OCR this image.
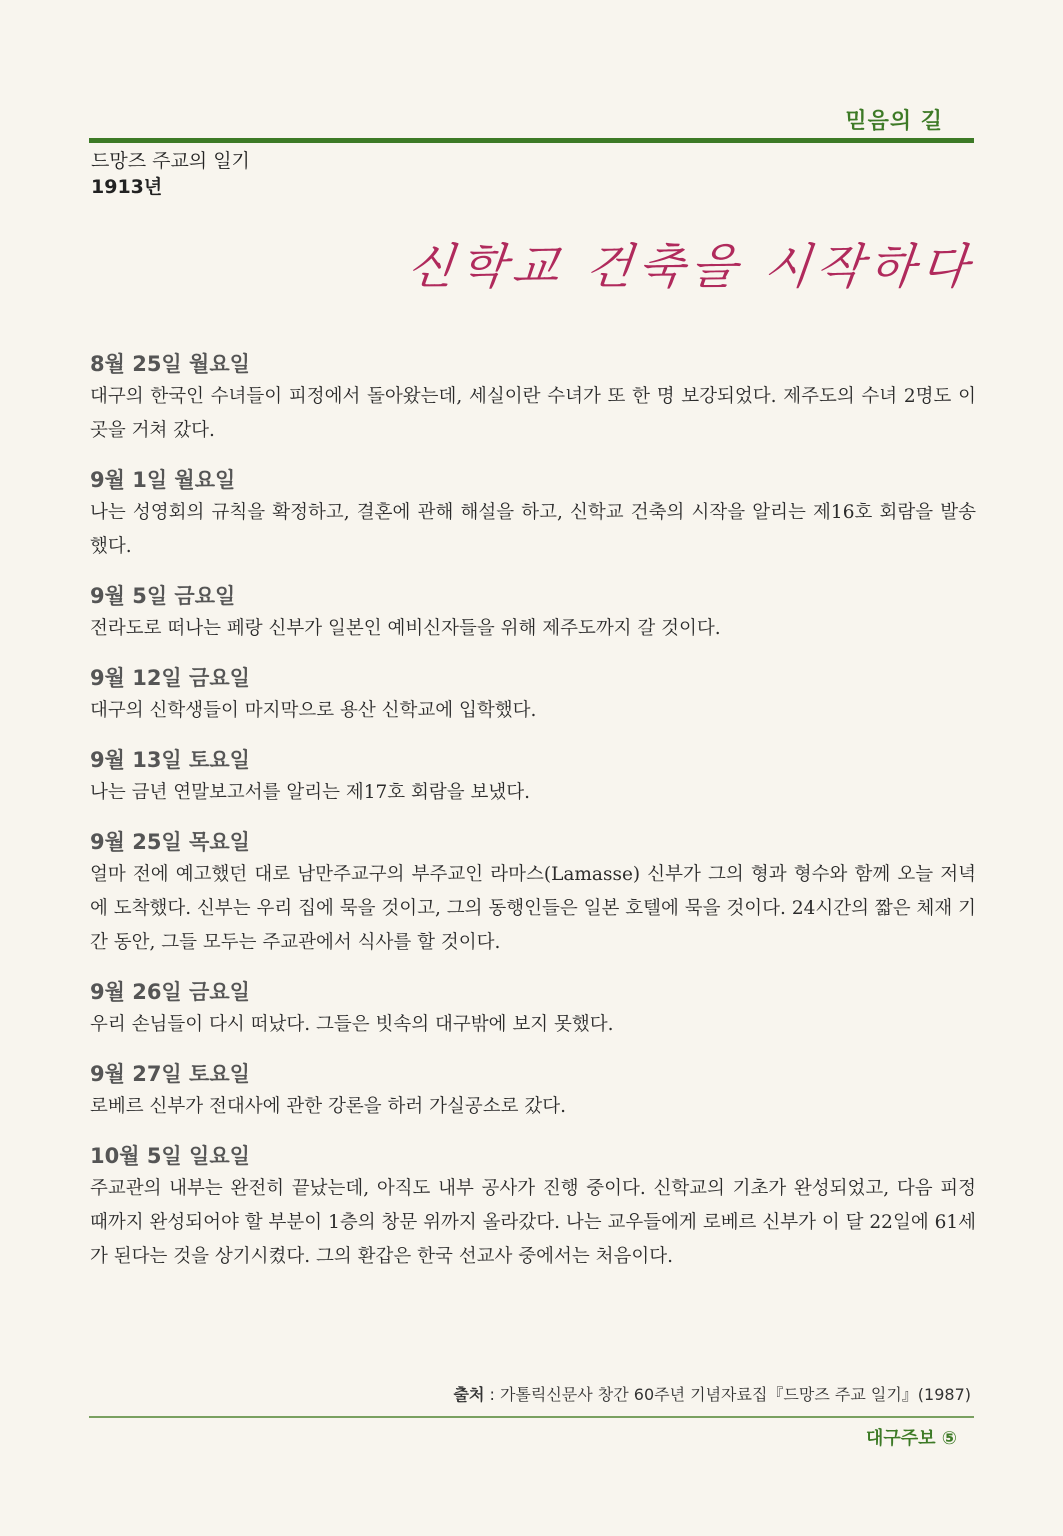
믿음의 길
드망즈 주교의 일기
1913년
신학교 건축을 시작하다
8월 25일 월요일

대구의 한국인 수녀들이 피정에서 돌아왔는데, 세실이란 수녀가 또 한 명 보강되었다. 제주도의 수녀 2명도 이곳을 거쳐 갔다.

9월 1일 월요일

나는 성영회의 규칙을 확정하고, 결혼에 관해 해설을 하고, 신학교 건축의 시작을 알리는 제16호 회람을 발송했다.

9월 5일 금요일

전라도로 떠나는 페랑 신부가 일본인 예비신자들을 위해 제주도까지 갈 것이다.

9월 12일 금요일

대구의 신학생들이 마지막으로 용산 신학교에 입학했다.

9월 13일 토요일

나는 금년 연말보고서를 알리는 제17호 회람을 보냈다.

9월 25일 목요일

얼마 전에 예고했던 대로 남만주교구의 부주교인 라마스(Lamasse) 신부가 그의 형과 형수와 함께 오늘 저녁에 도착했다. 신부는 우리 집에 묵을 것이고, 그의 동행인들은 일본 호텔에 묵을 것이다. 24시간의 짧은 체재 기간 동안, 그들 모두는 주교관에서 식사를 할 것이다.

9월 26일 금요일

우리 손님들이 다시 떠났다. 그들은 빗속의 대구밖에 보지 못했다.

9월 27일 토요일

로베르 신부가 전대사에 관한 강론을 하러 가실공소로 갔다.

10월 5일 일요일

주교관의 내부는 완전히 끝났는데, 아직도 내부 공사가 진행 중이다. 신학교의 기초가 완성되었고, 다음 피정 때까지 완성되어야 할 부분이 1층의 창문 위까지 올라갔다. 나는 교우들에게 로베르 신부가 이 달 22일에 61세가 된다는 것을 상기시켰다. 그의 환갑은 한국 선교사 중에서는 처음이다.

출처 : 가톨릭신문사 창간 60주년 기념자료집『드망즈 주교 일기』(1987)
대구주보 ⑤
